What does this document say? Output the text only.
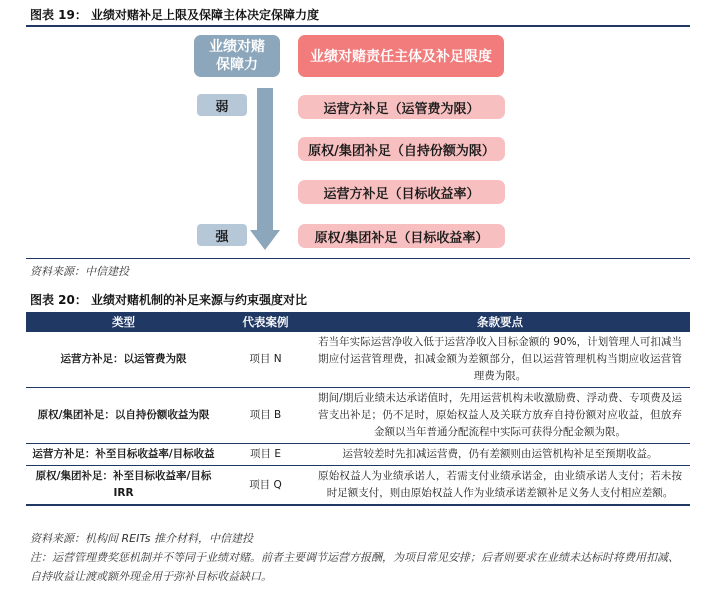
图表 19： 业绩对赌补足上限及保障主体决定保障力度
业绩对赌
保障力	业绩对赌责任主体及补足限度
弱
强
运营方补足（运管费为限）
原权/集团补足（自持份额为限）
运营方补足（目标收益率）
原权/集团补足（目标收益率）
资料来源：中信建投
图表 20： 业绩对赌机制的补足来源与约束强度对比
类型	代表案例	条款要点
运营方补足：以运管费为限	项目 N	若当年实际运营净收入低于运营净收入目标金额的 90%，计划管理人可扣减当期应付运营管理费，扣减金额为差额部分，但以运营管理机构当期应收运营管理费为限。
原权/集团补足：以自持份额收益为限	项目 B	期间/期后业绩未达承诺值时，先用运营机构未收激励费、浮动费、专项费及运营支出补足；仍不足时，原始权益人及关联方放弃自持份额对应收益，但放弃金额以当年普通分配流程中实际可获得分配金额为限。
运营方补足：补至目标收益率/目标收益	项目 E	运营较差时先扣减运营费，仍有差额则由运管机构补足至预期收益。
原权/集团补足：补至目标收益率/目标 IRR	项目 Q	原始权益人为业绩承诺人，若需支付业绩承诺金，由业绩承诺人支付；若未按时足额支付，则由原始权益人作为业绩承诺差额补足义务人支付相应差额。
资料来源：机构间 REITs 推介材料，中信建投
注：运营管理费奖惩机制并不等同于业绩对赌。前者主要调节运营方报酬，为项目常见安排；后者则要求在业绩未达标时将费用扣减、自持收益让渡或额外现金用于弥补目标收益缺口。
